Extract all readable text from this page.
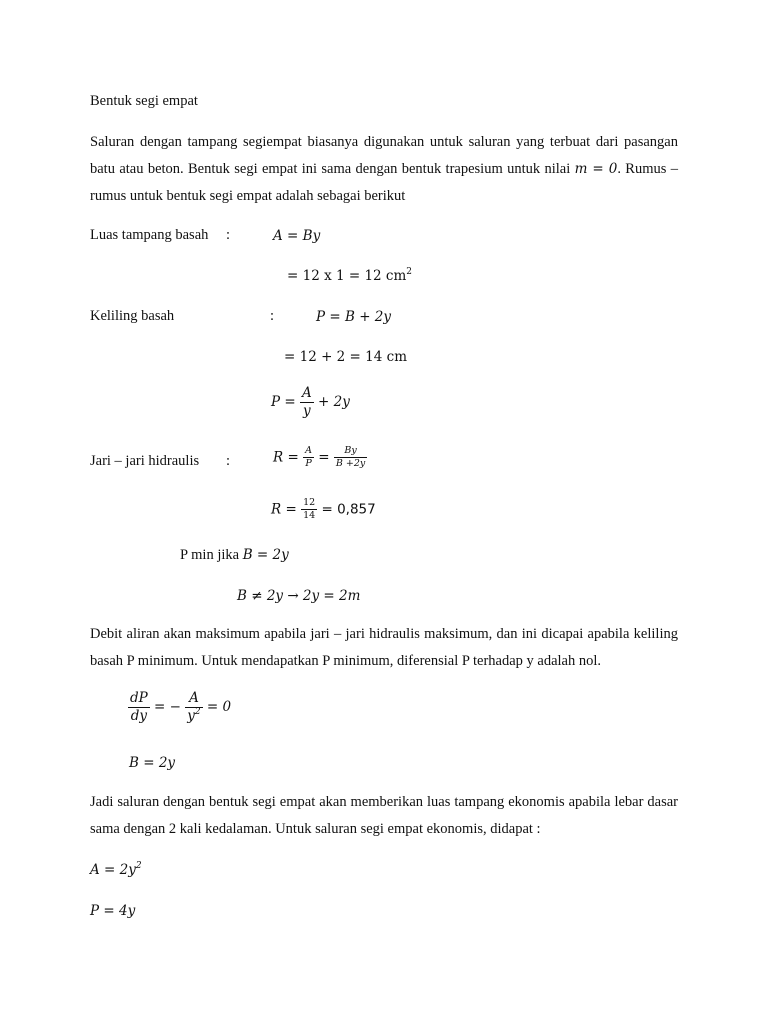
Bentuk segi empat
Saluran dengan tampang segiempat biasanya digunakan untuk saluran yang terbuat dari pasangan batu atau beton. Bentuk segi empat ini sama dengan bentuk trapesium untuk nilai m = 0. Rumus – rumus untuk bentuk segi empat adalah sebagai berikut
Luas tampang basah :	A = By
= 12 x 1 = 12 $cm^2$
Keliling basah	:	P = B + 2y
= 12 + 2 = 14 cm
$P = \frac{A}{y} + 2y$
Jari – jari hidraulis :	$R = \frac{A}{P} = \frac{By}{B +2y}$
$R = \frac{12}{14} = 0,857$
P min jika B = 2y
B ≠ 2y → 2y = 2m
Debit aliran akan maksimum apabila jari – jari hidraulis maksimum, dan ini dicapai apabila keliling basah P minimum. Untuk mendapatkan P minimum, diferensial P terhadap y adalah nol.
$\frac{dP}{dy}$ = − $\frac{A}{y^2} = 0$
B = 2y
Jadi saluran dengan bentuk segi empat akan memberikan luas tampang ekonomis apabila lebar dasar sama dengan 2 kali kedalaman. Untuk saluran segi empat ekonomis, didapat :
$A = 2y^2$
P = 4y
